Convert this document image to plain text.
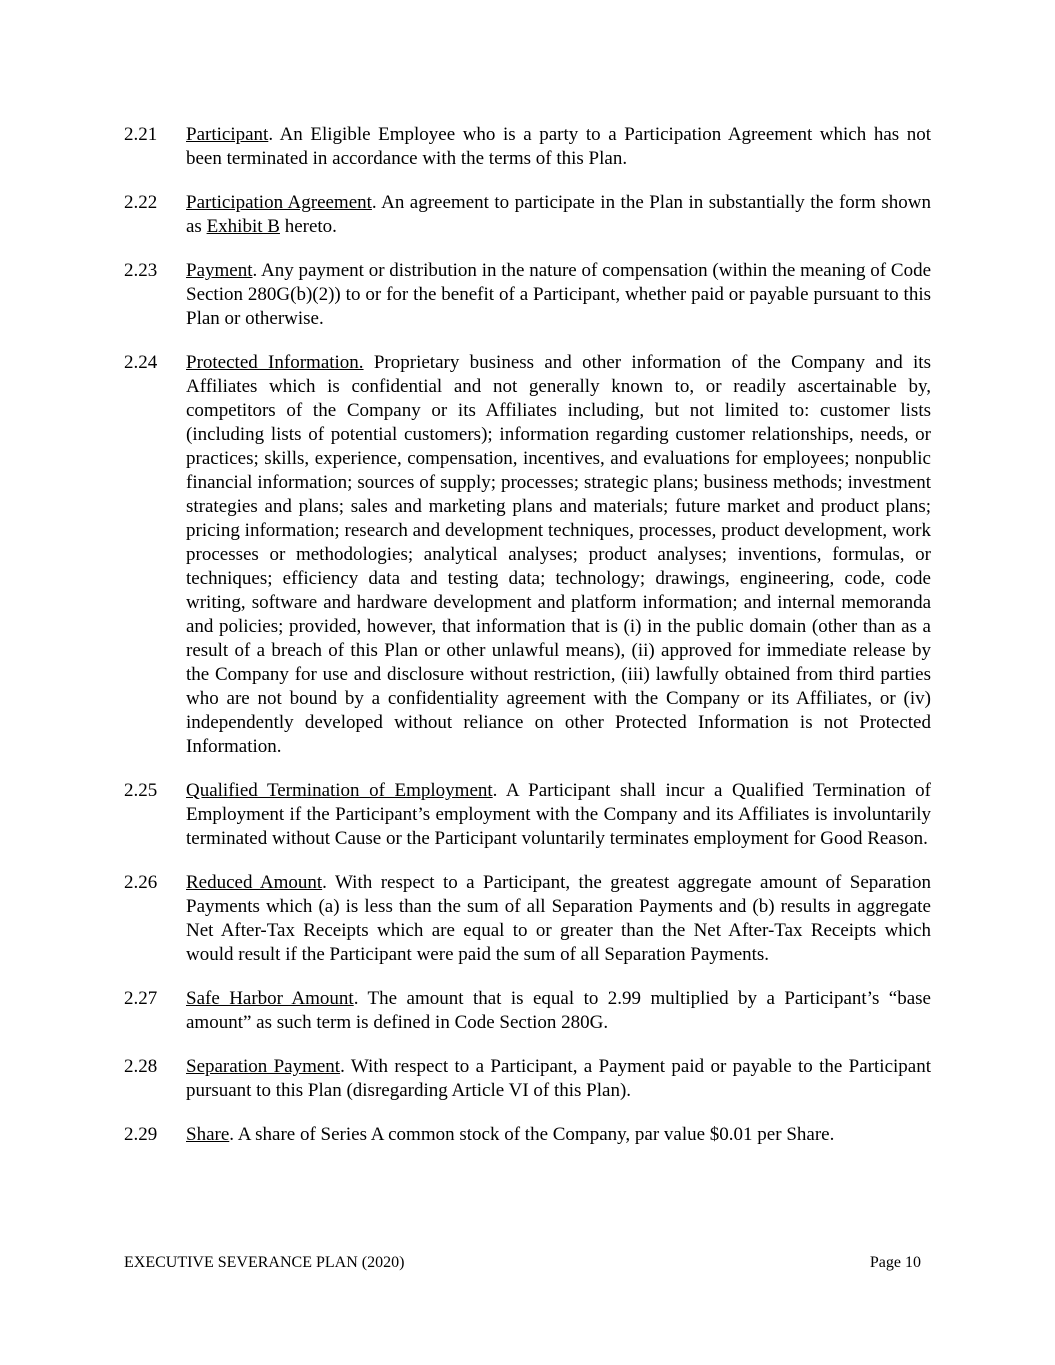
2.21	Participant. An Eligible Employee who is a party to a Participation Agreement which has not been terminated in accordance with the terms of this Plan.
2.22	Participation Agreement. An agreement to participate in the Plan in substantially the form shown as Exhibit B hereto.
2.23	Payment. Any payment or distribution in the nature of compensation (within the meaning of Code Section 280G(b)(2)) to or for the benefit of a Participant, whether paid or payable pursuant to this Plan or otherwise.
2.24	Protected Information. Proprietary business and other information of the Company and its Affiliates which is confidential and not generally known to, or readily ascertainable by, competitors of the Company or its Affiliates including, but not limited to: customer lists (including lists of potential customers); information regarding customer relationships, needs, or practices; skills, experience, compensation, incentives, and evaluations for employees; nonpublic financial information; sources of supply; processes; strategic plans; business methods; investment strategies and plans; sales and marketing plans and materials; future market and product plans; pricing information; research and development techniques, processes, product development, work processes or methodologies; analytical analyses; product analyses; inventions, formulas, or techniques; efficiency data and testing data; technology; drawings, engineering, code, code writing, software and hardware development and platform information; and internal memoranda and policies; provided, however, that information that is (i) in the public domain (other than as a result of a breach of this Plan or other unlawful means), (ii) approved for immediate release by the Company for use and disclosure without restriction, (iii) lawfully obtained from third parties who are not bound by a confidentiality agreement with the Company or its Affiliates, or (iv) independently developed without reliance on other Protected Information is not Protected Information.
2.25	Qualified Termination of Employment. A Participant shall incur a Qualified Termination of Employment if the Participant’s employment with the Company and its Affiliates is involuntarily terminated without Cause or the Participant voluntarily terminates employment for Good Reason.
2.26	Reduced Amount. With respect to a Participant, the greatest aggregate amount of Separation Payments which (a) is less than the sum of all Separation Payments and (b) results in aggregate Net After-Tax Receipts which are equal to or greater than the Net After-Tax Receipts which would result if the Participant were paid the sum of all Separation Payments.
2.27	Safe Harbor Amount. The amount that is equal to 2.99 multiplied by a Participant’s “base amount” as such term is defined in Code Section 280G.
2.28	Separation Payment. With respect to a Participant, a Payment paid or payable to the Participant pursuant to this Plan (disregarding Article VI of this Plan).
2.29	Share. A share of Series A common stock of the Company, par value $0.01 per Share.
EXECUTIVE SEVERANCE PLAN (2020)	Page 10
